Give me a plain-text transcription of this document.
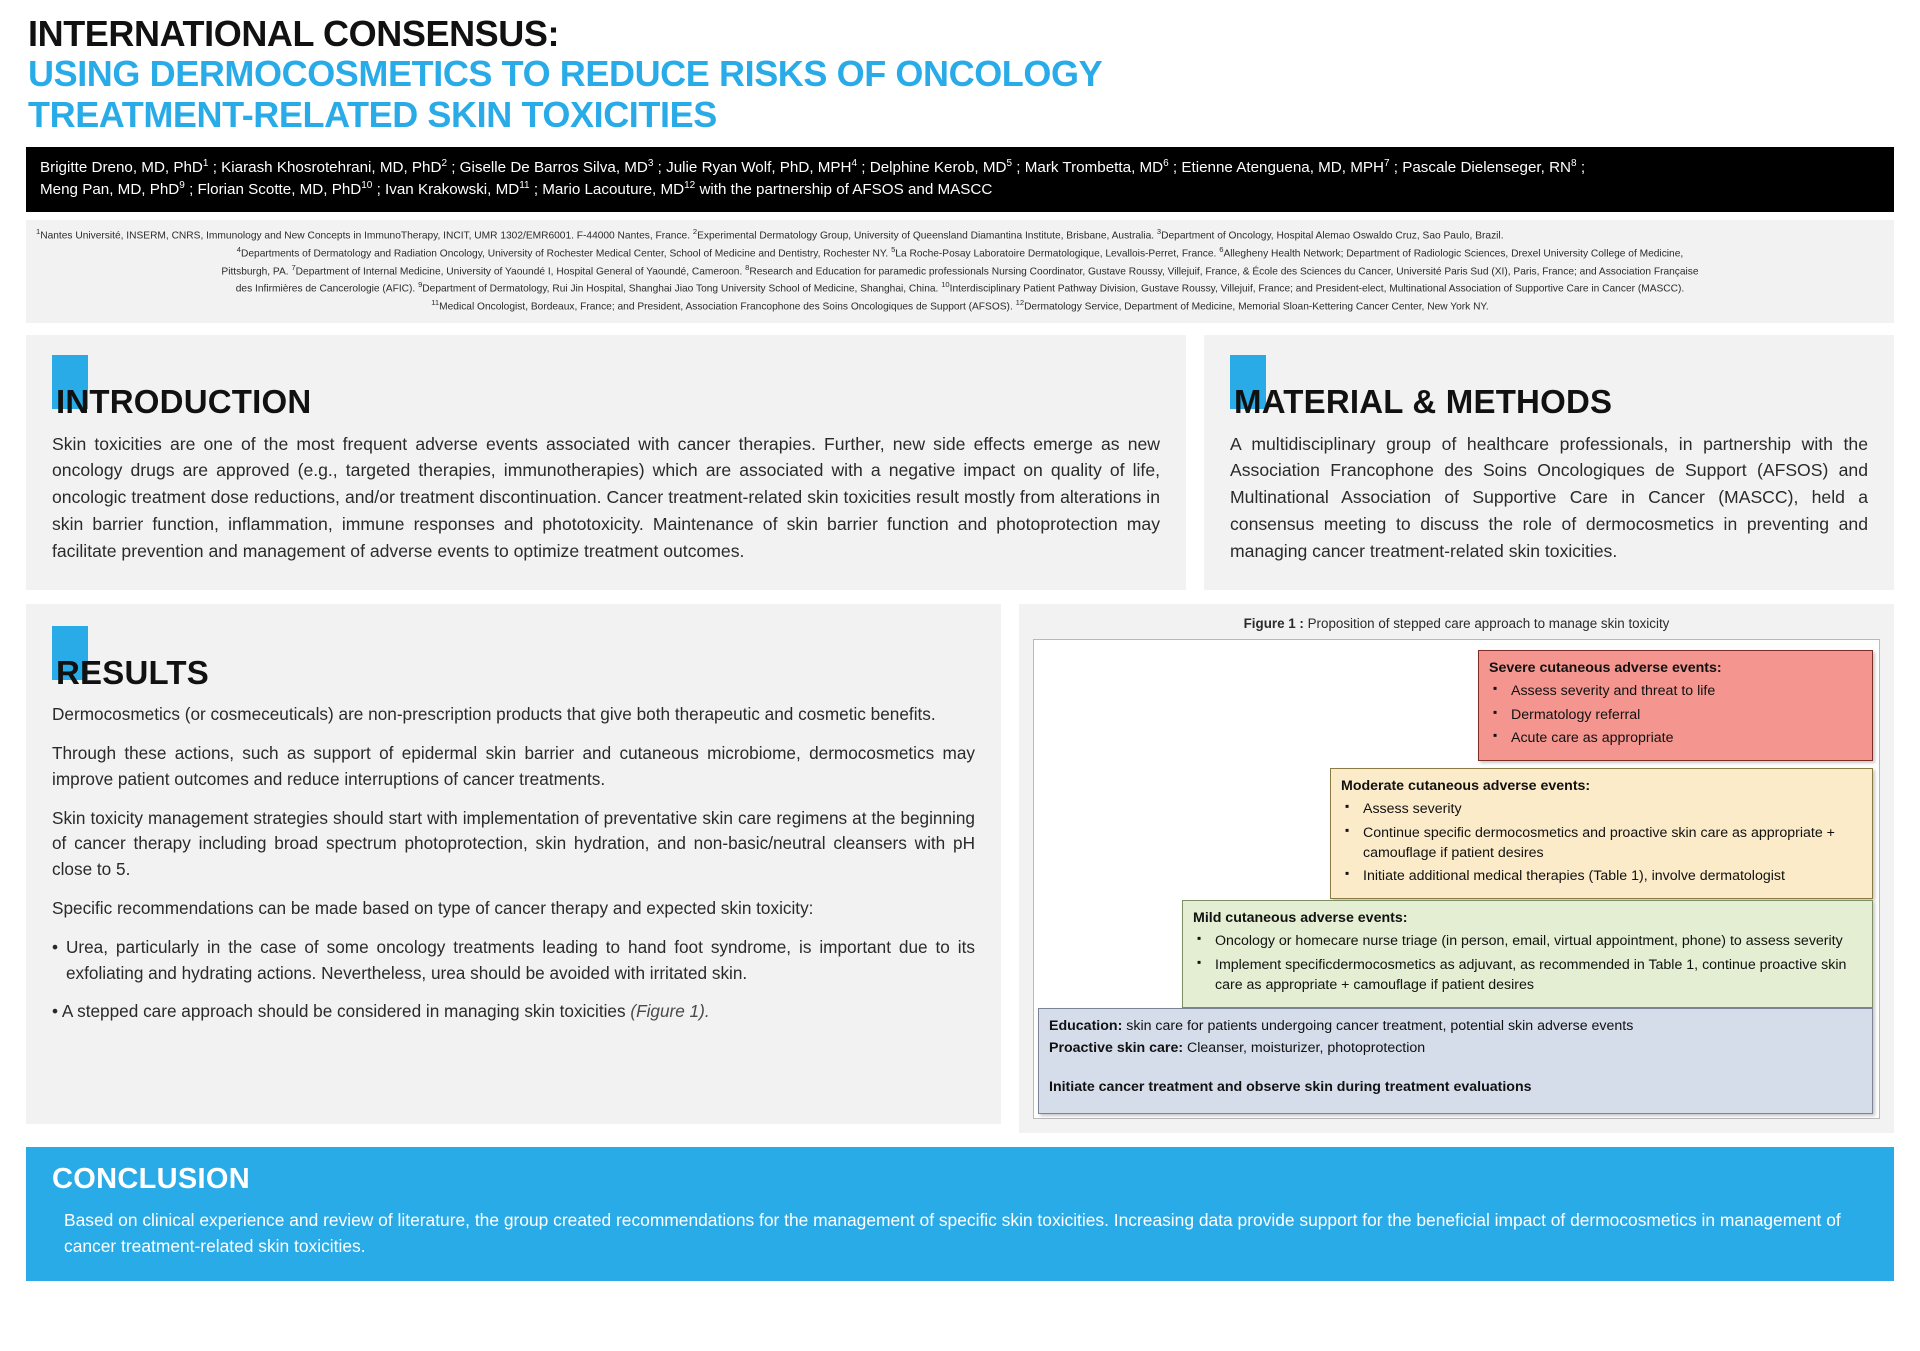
INTERNATIONAL CONSENSUS:
USING DERMOCOSMETICS TO REDUCE RISKS OF ONCOLOGY
TREATMENT-RELATED SKIN TOXICITIES
Brigitte Dreno, MD, PhD$^1$ ; Kiarash Khosrotehrani, MD, PhD$^2$ ; Giselle De Barros Silva, $MD^3$ ; Julie Ryan Wolf, PhD, MPH$^4$ ; Delphine Kerob, $MD^5$ ; Mark Trombetta, $MD^6$ ; Etienne Atenguena, MD, MPH$^7$ ; Pascale Dielenseger, $RN^8$ ;
Meng Pan, MD, PhD$^9$ ; Florian Scotte, MD, PhD$^{10}$ ; Ivan Krakowski, MD$^{11}$ ; Mario Lacouture, MD$^{12}$ with the partnership of AFSOS and MASCC
$^1$Nantes Université, INSERM, CNRS, Immunology and New Concepts in ImmunoTherapy, INCIT, UMR 1302/EMR6001. F-44000 Nantes, France. $^2$Experimental Dermatology Group, University of Queensland Diamantina Institute, Brisbane, Australia. $^3$Department of Oncology, Hospital Alemao Oswaldo Cruz, Sao Paulo, Brazil.
$^4$Departments of Dermatology and Radiation Oncology, University of Rochester Medical Center, School of Medicine and Dentistry, Rochester NY. $^5$La Roche-Posay Laboratoire Dermatologique, Levallois-Perret, France. $^6$Allegheny Health Network; Department of Radiologic Sciences, Drexel University College of Medicine,
Pittsburgh, PA. $^7$Department of Internal Medicine, University of Yaoundé I, Hospital General of Yaoundé, Cameroon. $^8$Research and Education for paramedic professionals Nursing Coordinator, Gustave Roussy, Villejuif, France, & École des Sciences du Cancer, Université Paris Sud (XI), Paris, France; and Association Française
des Infirmières de Cancerologie (AFIC). $^9$Department of Dermatology, Rui Jin Hospital, Shanghai Jiao Tong University School of Medicine, Shanghai, China. $^{10}$Interdisciplinary Patient Pathway Division, Gustave Roussy, Villejuif, France; and President-elect, Multinational Association of Supportive Care in Cancer (MASCC).
$^{11}$Medical Oncologist, Bordeaux, France; and President, Association Francophone des Soins Oncologiques de Support (AFSOS). $^{12}$Dermatology Service, Department of Medicine, Memorial Sloan-Kettering Cancer Center, New York NY.
INTRODUCTION

Skin toxicities are one of the most frequent adverse events associated with cancer therapies. Further, new side effects emerge as new oncology drugs are approved (e.g., targeted therapies, immunotherapies) which are associated with a negative impact on quality of life, oncologic treatment dose reductions, and/or treatment discontinuation. Cancer treatment-related skin toxicities result mostly from alterations in skin barrier function, inflammation, immune responses and phototoxicity. Maintenance of skin barrier function and photoprotection may facilitate prevention and management of adverse events to optimize treatment outcomes.

MATERIAL & METHODS

A multidisciplinary group of healthcare professionals, in partnership with the Association Francophone des Soins Oncologiques de Support (AFSOS) and Multinational Association of Supportive Care in Cancer (MASCC), held a consensus meeting to discuss the role of dermocosmetics in preventing and managing cancer treatment-related skin toxicities.

RESULTS

Dermocosmetics (or cosmeceuticals) are non-prescription products that give both therapeutic and cosmetic benefits.

Through these actions, such as support of epidermal skin barrier and cutaneous microbiome, dermocosmetics may improve patient outcomes and reduce interruptions of cancer treatments.

Skin toxicity management strategies should start with implementation of preventative skin care regimens at the beginning of cancer therapy including broad spectrum photoprotection, skin hydration, and non-basic/neutral cleansers with pH close to 5.

Specific recommendations can be made based on type of cancer therapy and expected skin toxicity:

• Urea, particularly in the case of some oncology treatments leading to hand foot syndrome, is important due to its exfoliating and hydrating actions. Nevertheless, urea should be avoided with irritated skin.
• A stepped care approach should be considered in managing skin toxicities (Figure 1).
Figure 1 : Proposition of stepped care approach to manage skin toxicity
Severe cutaneous adverse events:
▪ Assess severity and threat to life
▪ Dermatology referral
▪ Acute care as appropriate
Moderate cutaneous adverse events:
▪ Assess severity
▪ Continue specific dermocosmetics and proactive skin care as appropriate + camouflage if patient desires
▪ Initiate additional medical therapies (Table 1), involve dermatologist
Mild cutaneous adverse events:
▪ Oncology or homecare nurse triage (in person, email, virtual appointment, phone) to assess severity
▪ Implement specificdermocosmetics as adjuvant, as recommended in Table 1, continue proactive skin care as appropriate + camouflage if patient desires

Education: skin care for patients undergoing cancer treatment, potential skin adverse events

Proactive skin care: Cleanser, moisturizer, photoprotection

Initiate cancer treatment and observe skin during treatment evaluations

CONCLUSION
Based on clinical experience and review of literature, the group created recommendations for the management of specific skin toxicities. Increasing data provide support for the beneficial impact of dermocosmetics in management of cancer treatment-related skin toxicities.
